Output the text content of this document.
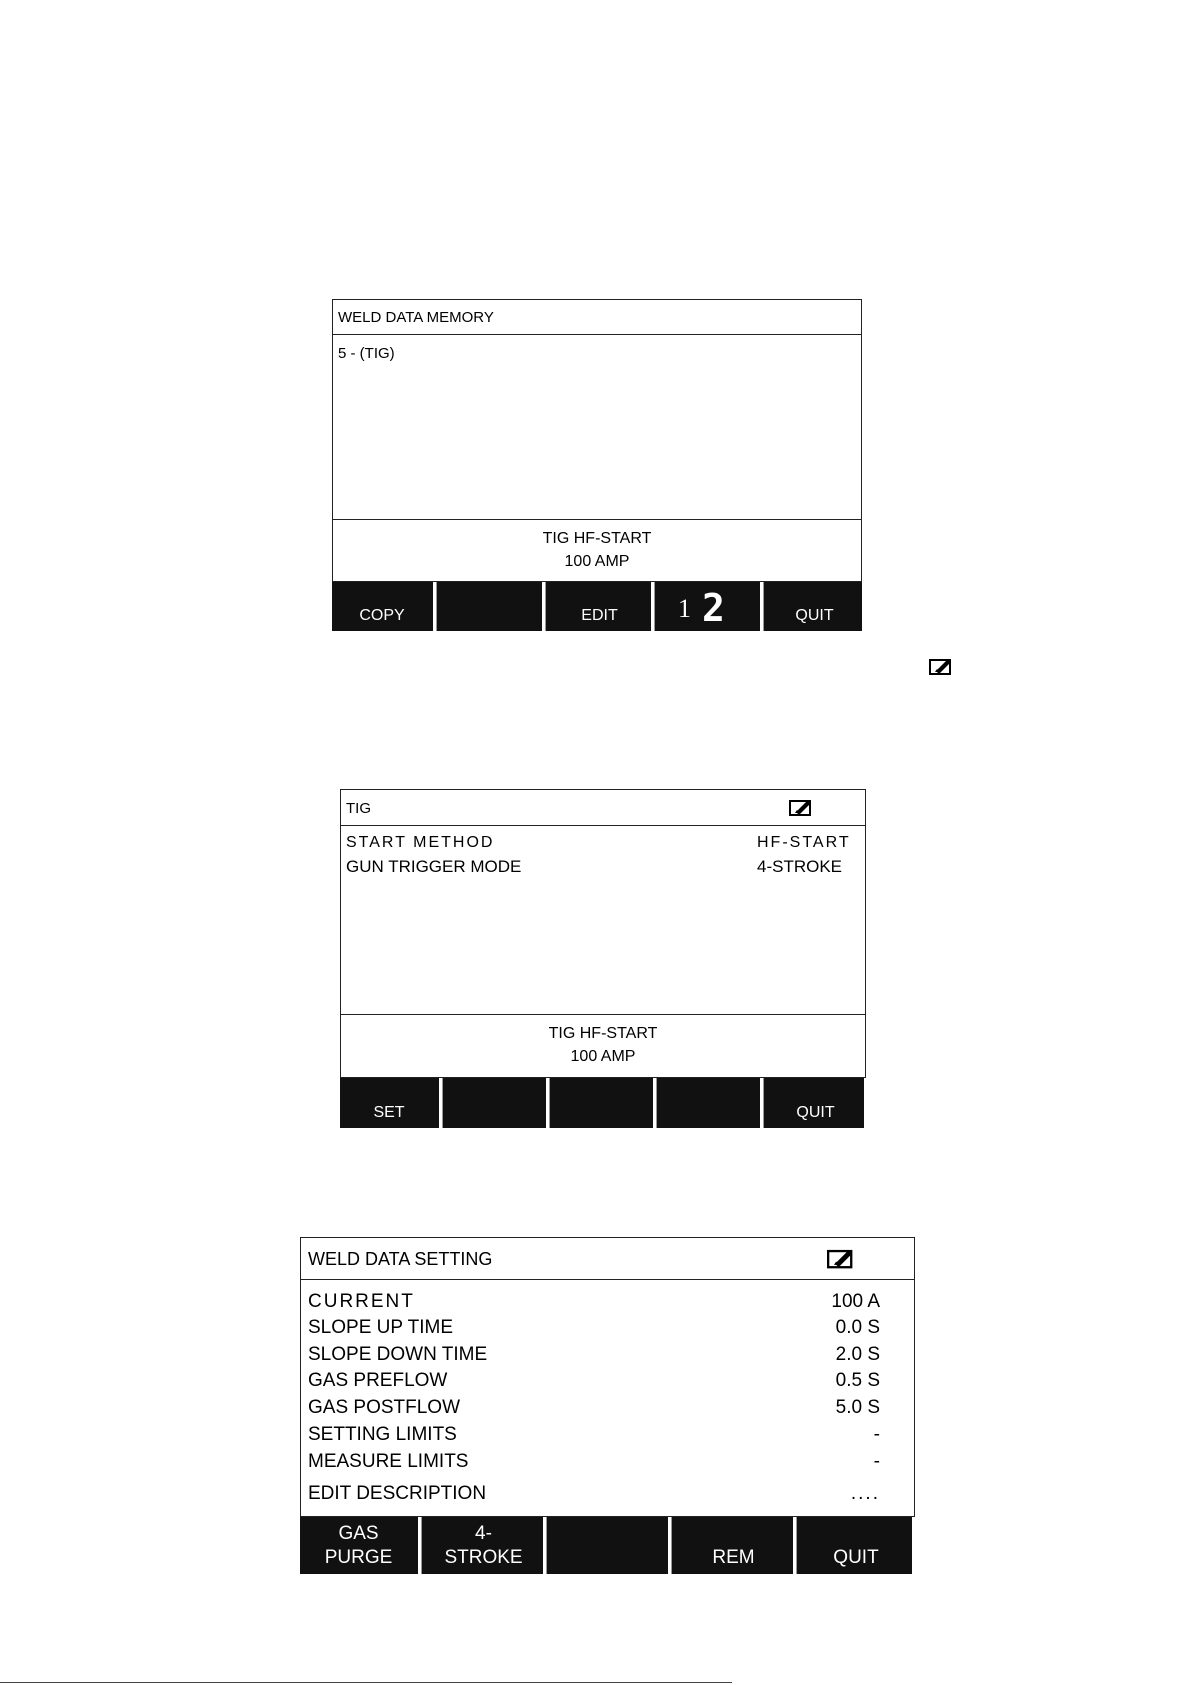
WELD DATA MEMORY
5 - (TIG)
TIG HF-START
100 AMP
COPY	EDIT	1 2	QUIT
TIG
START METHOD	HF-START
GUN TRIGGER MODE	4-STROKE
TIG HF-START
100 AMP
SET	QUIT
WELD DATA SETTING
CURRENT	100 A
SLOPE UP TIME	0.0 S
SLOPE DOWN TIME	2.0 S
GAS PREFLOW	0.5 S
GAS POSTFLOW	5.0 S
SETTING LIMITS	-
MEASURE LIMITS	-
EDIT DESCRIPTION	....
GAS
PURGE
4-
STROKE	REM	QUIT
